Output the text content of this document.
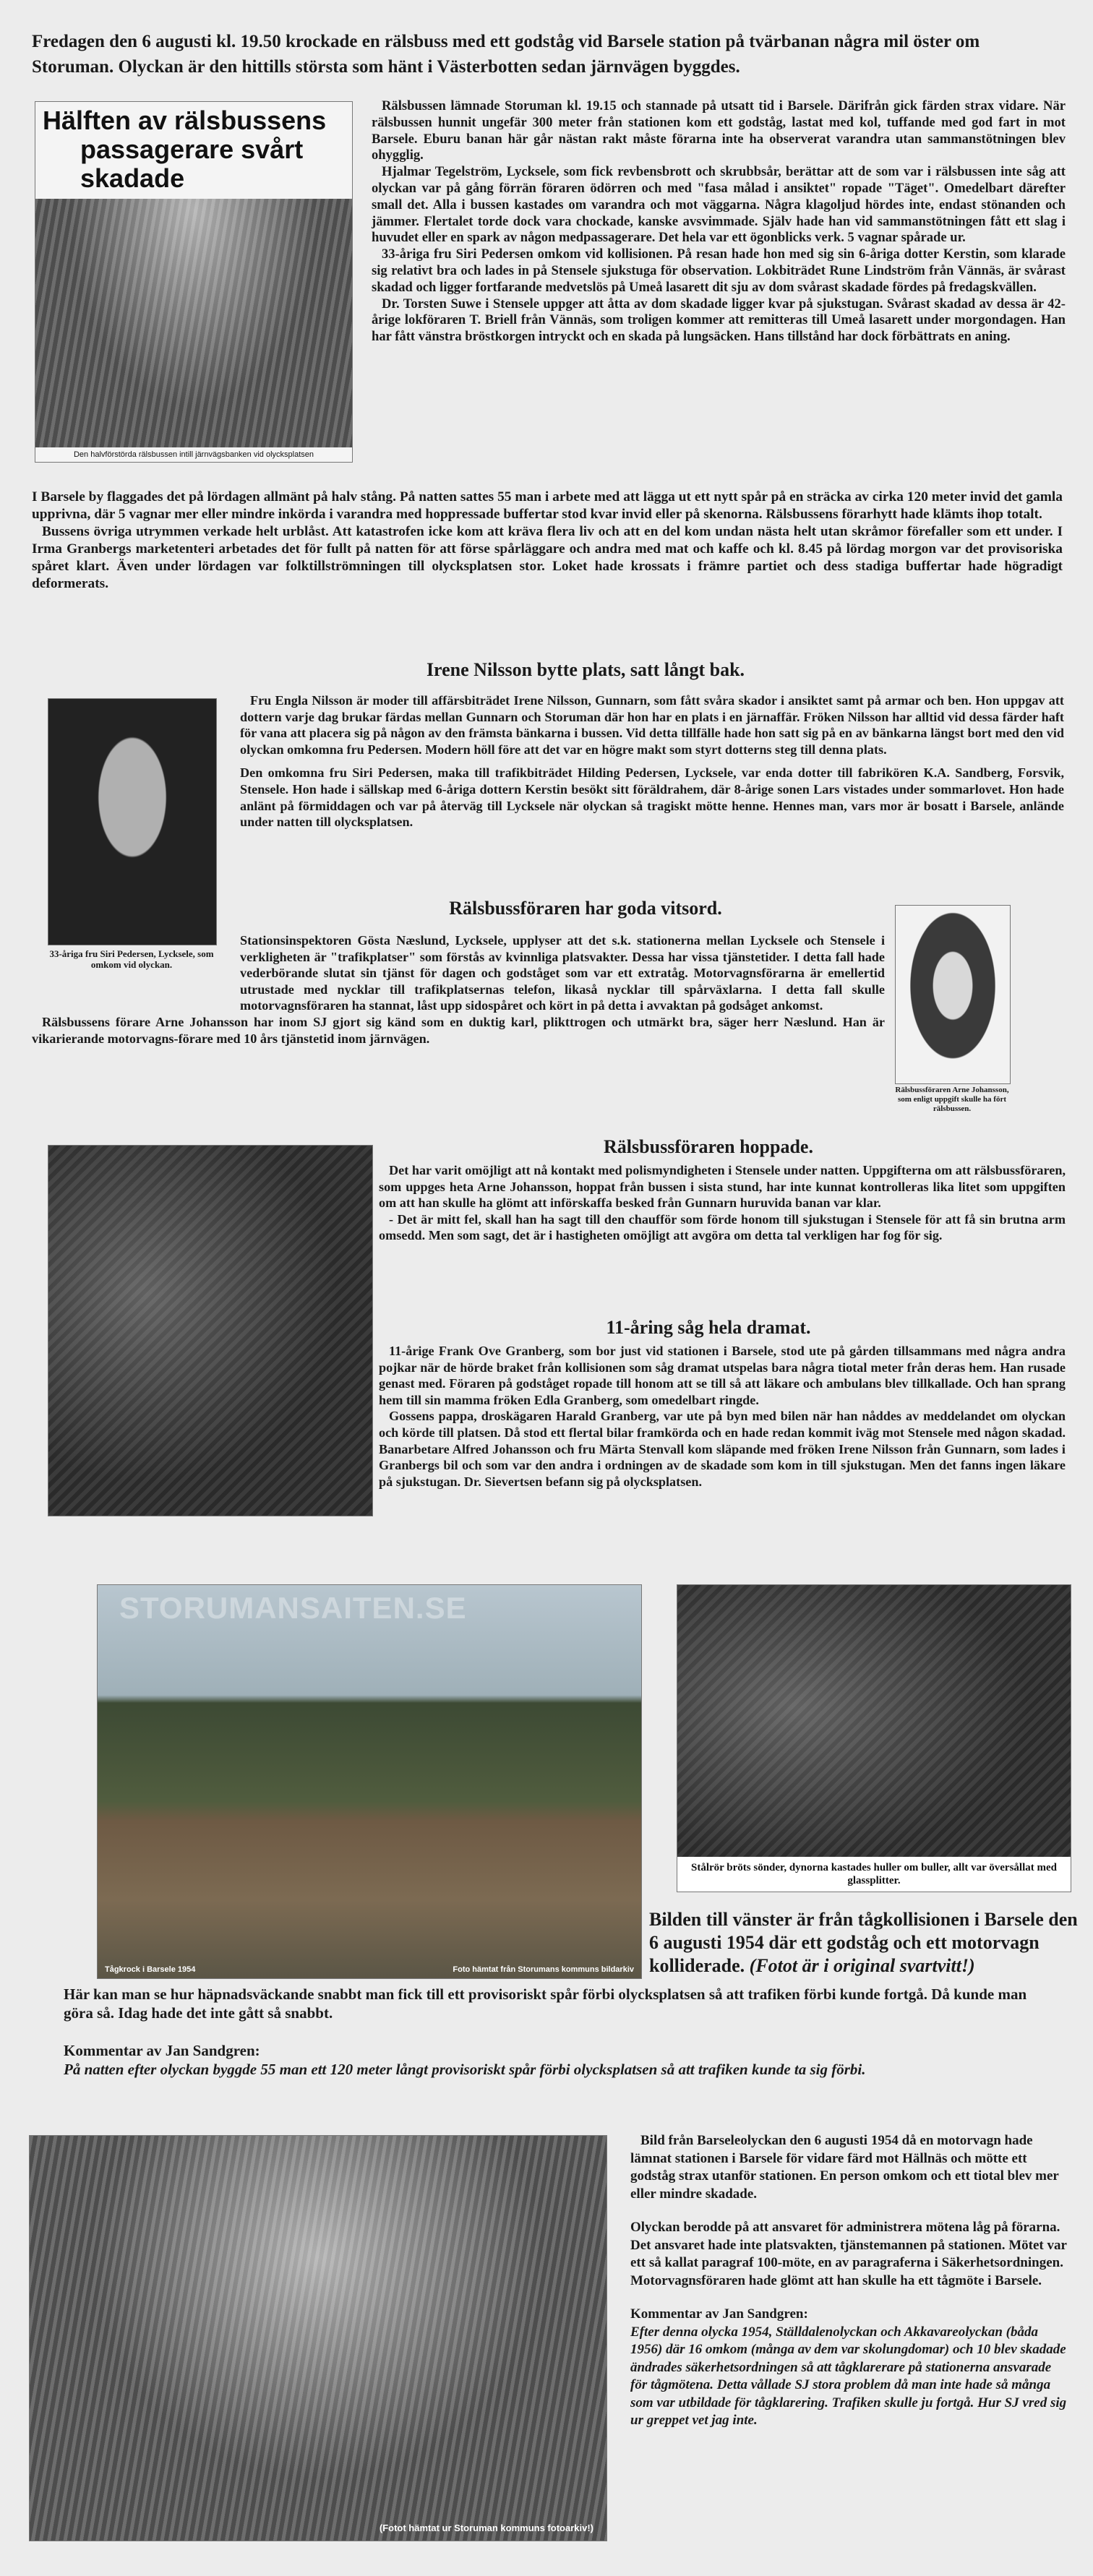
Fredagen den 6 augusti kl. 19.50 krockade en rälsbuss med ett godståg vid Barsele station på tvärbanan några mil öster om Storuman. Olyckan är den hittills största som hänt i Västerbotten sedan järnvägen byggdes.
Hälften av rälsbussens
passagerare svårt skadade
Den halvförstörda rälsbussen intill järnvägsbanken vid olycksplatsen

Rälsbussen lämnade Storuman kl. 19.15 och stannade på utsatt tid i Barsele. Därifrån gick färden strax vidare. När rälsbussen hunnit ungefär 300 meter från stationen kom ett godståg, lastat med kol, tuffande med god fart in mot Barsele. Eburu banan här går nästan rakt måste förarna inte ha observerat varandra utan sammanstötningen blev ohygglig.

Hjalmar Tegelström, Lycksele, som fick revbensbrott och skrubbsår, berättar att de som var i rälsbussen inte såg att olyckan var på gång förrän föraren ödörren och med "fasa målad i ansiktet" ropade "Täget". Omedelbart därefter small det. Alla i bussen kastades om varandra och mot väggarna. Några klagoljud hördes inte, endast stönanden och jämmer. Flertalet torde dock vara chockade, kanske avsvimmade. Själv hade han vid sammanstötningen fått ett slag i huvudet eller en spark av någon medpassagerare. Det hela var ett ögonblicks verk. 5 vagnar spårade ur.

33-åriga fru Siri Pedersen omkom vid kollisionen. På resan hade hon med sig sin 6-åriga dotter Kerstin, som klarade sig relativt bra och lades in på Stensele sjukstuga för observation. Lokbiträdet Rune Lindström från Vännäs, är svårast skadad och ligger fortfarande medvetslös på Umeå lasarett dit sju av dom svårast skadade fördes på fredagskvällen.

Dr. Torsten Suwe i Stensele uppger att åtta av dom skadade ligger kvar på sjukstugan. Svårast skadad av dessa är 42-årige lokföraren T. Briell från Vännäs, som troligen kommer att remitteras till Umeå lasarett under morgondagen. Han har fått vänstra bröstkorgen intryckt och en skada på lungsäcken. Hans tillstånd har dock förbättrats en aning.

I Barsele by flaggades det på lördagen allmänt på halv stång. På natten sattes 55 man i arbete med att lägga ut ett nytt spår på en sträcka av cirka 120 meter invid det gamla upprivna, där 5 vagnar mer eller mindre inkörda i varandra med hoppressade buffertar stod kvar invid eller på skenorna. Rälsbussens förarhytt hade klämts ihop totalt.

Bussens övriga utrymmen verkade helt urblåst. Att katastrofen icke kom att kräva flera liv och att en del kom undan nästa helt utan skråmor förefaller som ett under. I Irma Granbergs marketenteri arbetades det för fullt på natten för att förse spårläggare och andra med mat och kaffe och kl. 8.45 på lördag morgon var det provisoriska spåret klart. Även under lördagen var folktillströmningen till olycksplatsen stor. Loket hade krossats i främre partiet och dess stadiga buffertar hade högradigt deformerats.

Irene Nilsson bytte plats, satt långt bak.
33-åriga fru Siri Pedersen, Lycksele, som omkom vid olyckan.

Fru Engla Nilsson är moder till affärsbiträdet Irene Nilsson, Gunnarn, som fått svåra skador i ansiktet samt på armar och ben. Hon uppgav att dottern varje dag brukar färdas mellan Gunnarn och Storuman där hon har en plats i en järnaffär. Fröken Nilsson har alltid vid dessa färder haft för vana att placera sig på någon av den främsta bänkarna i bussen. Vid detta tillfälle hade hon satt sig på en av bänkarna längst bort med den vid olyckan omkomna fru Pedersen. Modern höll före att det var en högre makt som styrt dotterns steg till denna plats.

Den omkomna fru Siri Pedersen, maka till trafikbiträdet Hilding Pedersen, Lycksele, var enda dotter till fabrikören K.A. Sandberg, Forsvik, Stensele. Hon hade i sällskap med 6-åriga dottern Kerstin besökt sitt föräldrahem, där 8-årige sonen Lars vistades under sommarlovet. Hon hade anlänt på förmiddagen och var på återväg till Lycksele när olyckan så tragiskt mötte henne. Hennes man, vars mor är bosatt i Barsele, anlände under natten till olycksplatsen.

Rälsbussföraren har goda vitsord.
Rälsbussföraren Arne Johansson, som enligt uppgift skulle ha fört rälsbussen.

Stationsinspektoren Gösta Næslund, Lycksele, upplyser att det s.k. stationerna mellan Lycksele och Stensele i verkligheten är "trafikplatser" som förstås av kvinnliga platsvakter. Dessa har vissa tjänstetider. I detta fall hade vederbörande slutat sin tjänst för dagen och godståget som var ett extratåg. Motorvagnsförarna är emellertid utrustade med nycklar till trafikplatsernas telefon, likaså nycklar till spårväxlarna. I detta fall skulle motorvagnsföraren ha stannat, låst upp sidospåret och kört in på detta i avvaktan på godsåget ankomst.

Rälsbussens förare Arne Johansson har inom SJ gjort sig känd som en duktig karl, plikttrogen och utmärkt bra, säger herr Næslund. Han är vikarierande motorvagns-förare med 10 års tjänstetid inom järnvägen.

Rälsbussföraren hoppade.

Det har varit omöjligt att nå kontakt med polismyndigheten i Stensele under natten. Uppgifterna om att rälsbussföraren, som uppges heta Arne Johansson, hoppat från bussen i sista stund, har inte kunnat kontrolleras lika litet som uppgiften om att han skulle ha glömt att införskaffa besked från Gunnarn huruvida banan var klar.

- Det är mitt fel, skall han ha sagt till den chaufför som förde honom till sjukstugan i Stensele för att få sin brutna arm omsedd. Men som sagt, det är i hastigheten omöjligt att avgöra om detta tal verkligen har fog för sig.

11-åring såg hela dramat.

11-årige Frank Ove Granberg, som bor just vid stationen i Barsele, stod ute på gården tillsammans med några andra pojkar när de hörde braket från kollisionen som såg dramat utspelas bara några tiotal meter från deras hem. Han rusade genast med. Föraren på godståget ropade till honom att se till så att läkare och ambulans blev tillkallade. Och han sprang hem till sin mamma fröken Edla Granberg, som omedelbart ringde.

Gossens pappa, droskägaren Harald Granberg, var ute på byn med bilen när han nåddes av meddelandet om olyckan och körde till platsen. Då stod ett flertal bilar framkörda och en hade redan kommit iväg mot Stensele med någon skadad. Banarbetare Alfred Johansson och fru Märta Stenvall kom släpande med fröken Irene Nilsson från Gunnarn, som lades i Granbergs bil och som var den andra i ordningen av de skadade som kom in till sjukstugan. Men det fanns ingen läkare på sjukstugan. Dr. Sievertsen befann sig på olycksplatsen.

STORUMANSAITEN.SE
Tågkrock i Barsele 1954	Foto hämtat från Storumans kommuns bildarkiv
Stålrör bröts sönder, dynorna kastades huller om buller, allt var översållat med glassplitter.
Bilden till vänster är från tågkollisionen i Barsele den 6 augusti 1954 där ett godståg och ett motorvagn kolliderade. (Fotot är i original svartvitt!)
Här kan man se hur häpnadsväckande snabbt man fick till ett provisoriskt spår förbi olycksplatsen så att trafiken förbi kunde fortgå. Då kunde man göra så. Idag hade det inte gått så snabbt.
Kommentar av Jan Sandgren:
På natten efter olyckan byggde 55 man ett 120 meter långt provisoriskt spår förbi olycksplatsen så att trafiken kunde ta sig förbi.
(Fotot hämtat ur Storuman kommuns fotoarkiv!)

Bild från Barseleolyckan den 6 augusti 1954 då en motorvagn hade lämnat stationen i Barsele för vidare färd mot Hällnäs och mötte ett godståg strax utanför stationen. En person omkom och ett tiotal blev mer eller mindre skadade.

Olyckan berodde på att ansvaret för administrera mötena låg på förarna. Det ansvaret hade inte platsvakten, tjänstemannen på stationen. Mötet var ett så kallat paragraf 100-möte, en av paragraferna i Säkerhetsordningen. Motorvagnsföraren hade glömt att han skulle ha ett tågmöte i Barsele.

Kommentar av Jan Sandgren:

Efter denna olycka 1954, Ställdalenolyckan och Akkavareolyckan (båda 1956) där 16 omkom (många av dem var skolungdomar) och 10 blev skadade ändrades säkerhetsordningen så att tågklarerare på stationerna ansvarade för tågmötena. Detta vållade SJ stora problem då man inte hade så många som var utbildade för tågklarering. Trafiken skulle ju fortgå. Hur SJ vred sig ur greppet vet jag inte.
